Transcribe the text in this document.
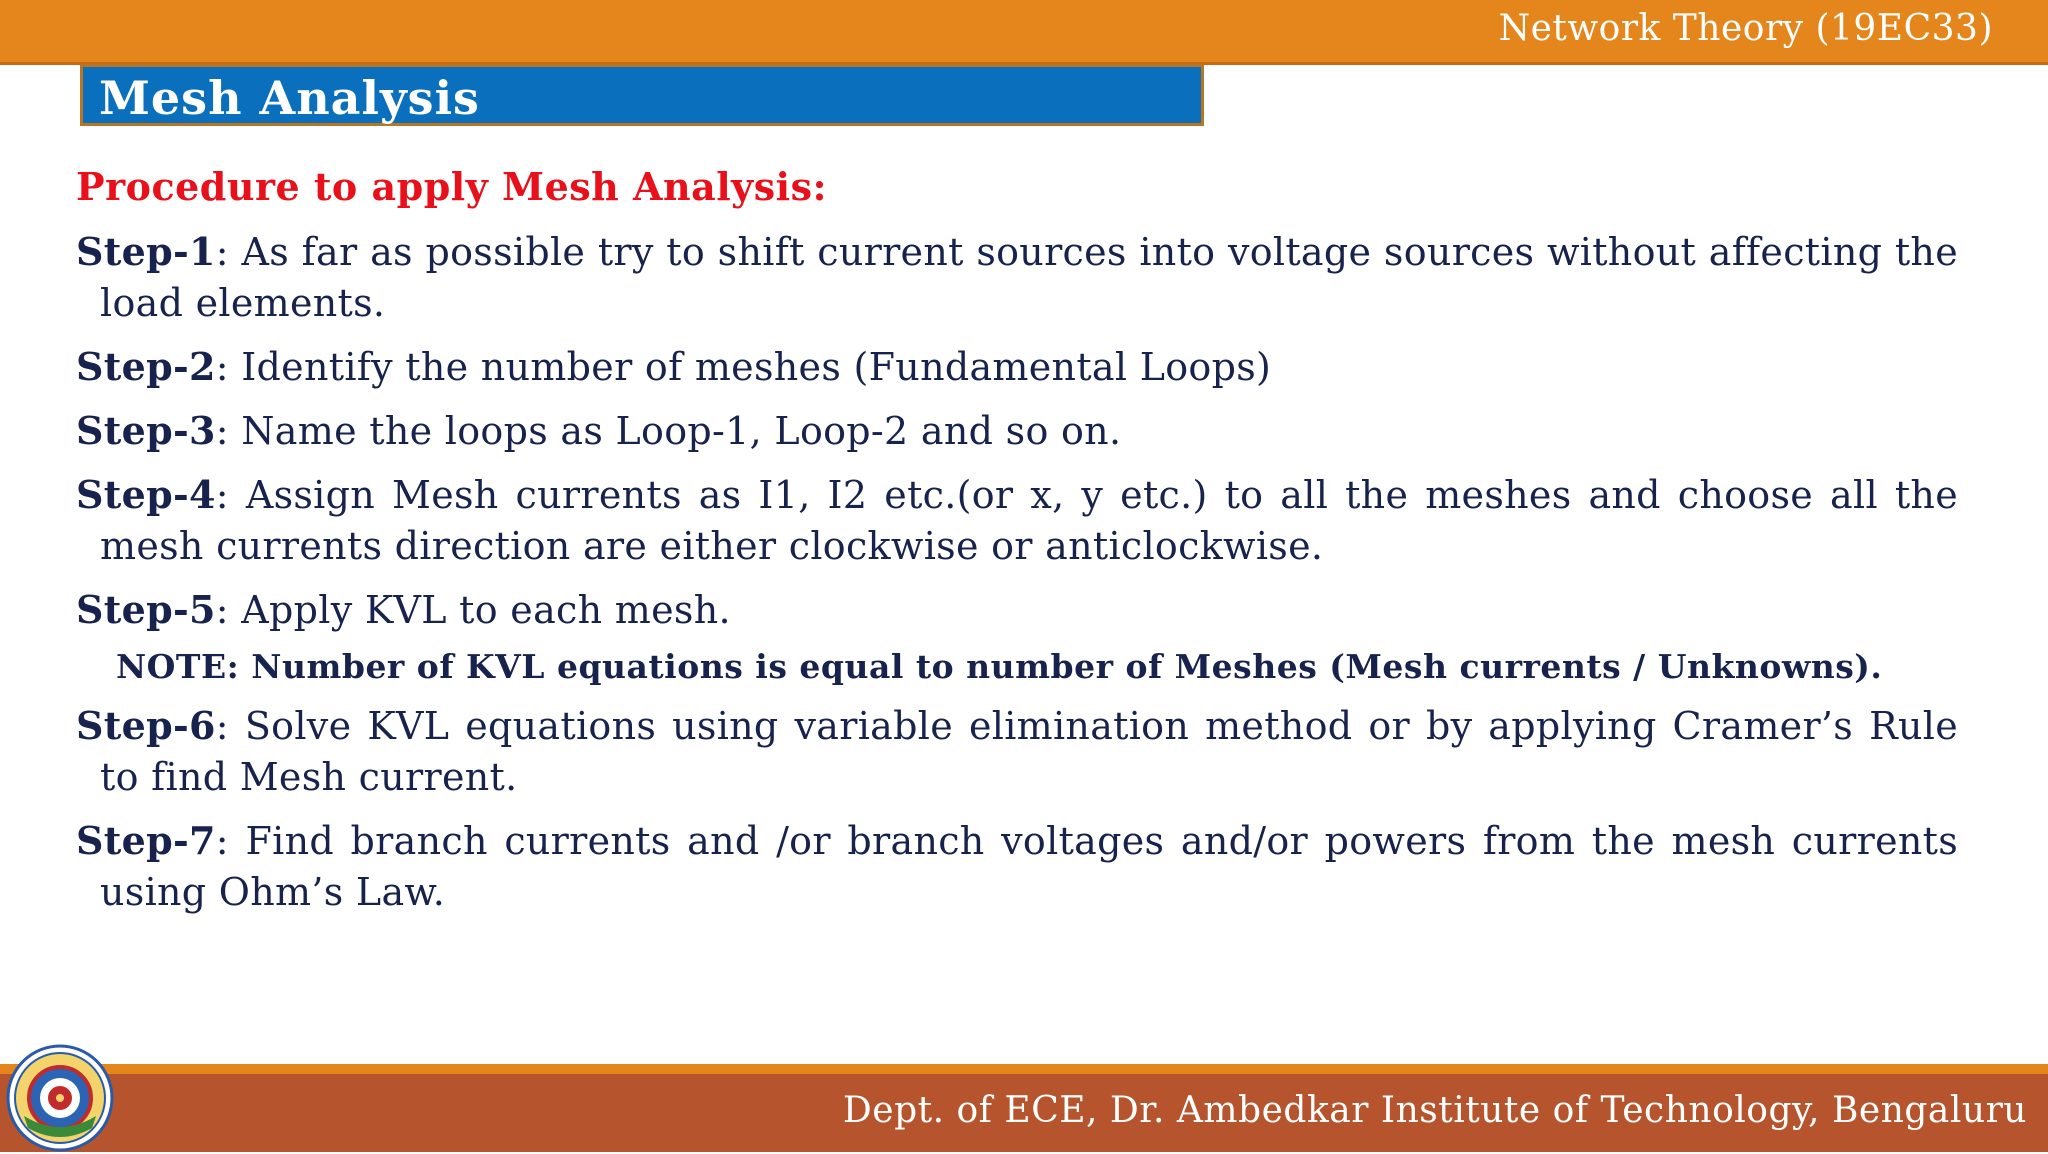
Network Theory (19EC33)
Mesh Analysis

Procedure to apply Mesh Analysis:

Step-1: As far as possible try to shift current sources into voltage sources without affecting the load elements.

Step-2: Identify the number of meshes (Fundamental Loops)

Step-3: Name the loops as Loop-1, Loop-2 and so on.

Step-4: Assign Mesh currents as I1, I2 etc.(or x, y etc.) to all the meshes and choose all the mesh currents direction are either clockwise or anticlockwise.

Step-5: Apply KVL to each mesh.

NOTE: Number of KVL equations is equal to number of Meshes (Mesh currents / Unknowns).

Step-6: Solve KVL equations using variable elimination method or by applying Cramer’s Rule to find Mesh current.

Step-7: Find branch currents and /or branch voltages and/or powers from the mesh currents using Ohm’s Law.

Dept. of ECE, Dr. Ambedkar Institute of Technology, Bengaluru
